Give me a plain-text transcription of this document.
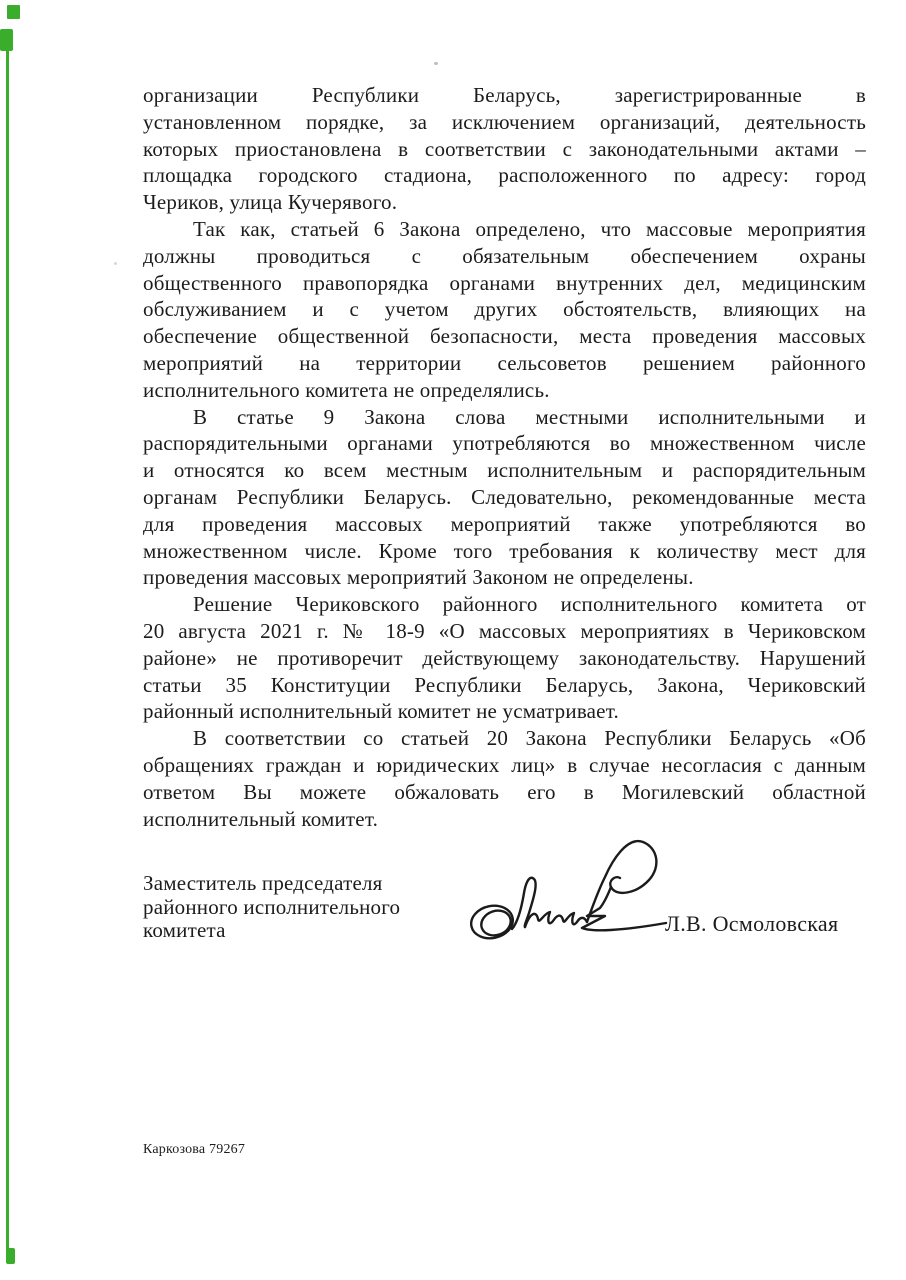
организации Республики Беларусь, зарегистрированные в
установленном порядке, за исключением организаций, деятельность
которых приостановлена в соответствии с законодательными актами –
площадка городского стадиона, расположенного по адресу: город
Чериков, улица Кучерявого.
Так как, статьей 6 Закона определено, что массовые мероприятия
должны проводиться с обязательным обеспечением охраны
общественного правопорядка органами внутренних дел, медицинским
обслуживанием и с учетом других обстоятельств, влияющих на
обеспечение общественной безопасности, места проведения массовых
мероприятий на территории сельсоветов решением районного
исполнительного комитета не определялись.
В статье 9 Закона слова местными исполнительными и
распорядительными органами употребляются во множественном числе
и относятся ко всем местным исполнительным и распорядительным
органам Республики Беларусь. Следовательно, рекомендованные места
для проведения массовых мероприятий также употребляются во
множественном числе. Кроме того требования к количеству мест для
проведения массовых мероприятий Законом не определены.
Решение Чериковского районного исполнительного комитета от
20 августа 2021 г. № 18-9 «О массовых мероприятиях в Чериковском
районе» не противоречит действующему законодательству. Нарушений
статьи 35 Конституции Республики Беларусь, Закона, Чериковский
районный исполнительный комитет не усматривает.
В соответствии со статьей 20 Закона Республики Беларусь «Об
обращениях граждан и юридических лиц» в случае несогласия с данным
ответом Вы можете обжаловать его в Могилевский областной
исполнительный комитет.
Заместитель председателя
районного исполнительного
комитета	Л.В. Осмоловская
Каркозова 79267
